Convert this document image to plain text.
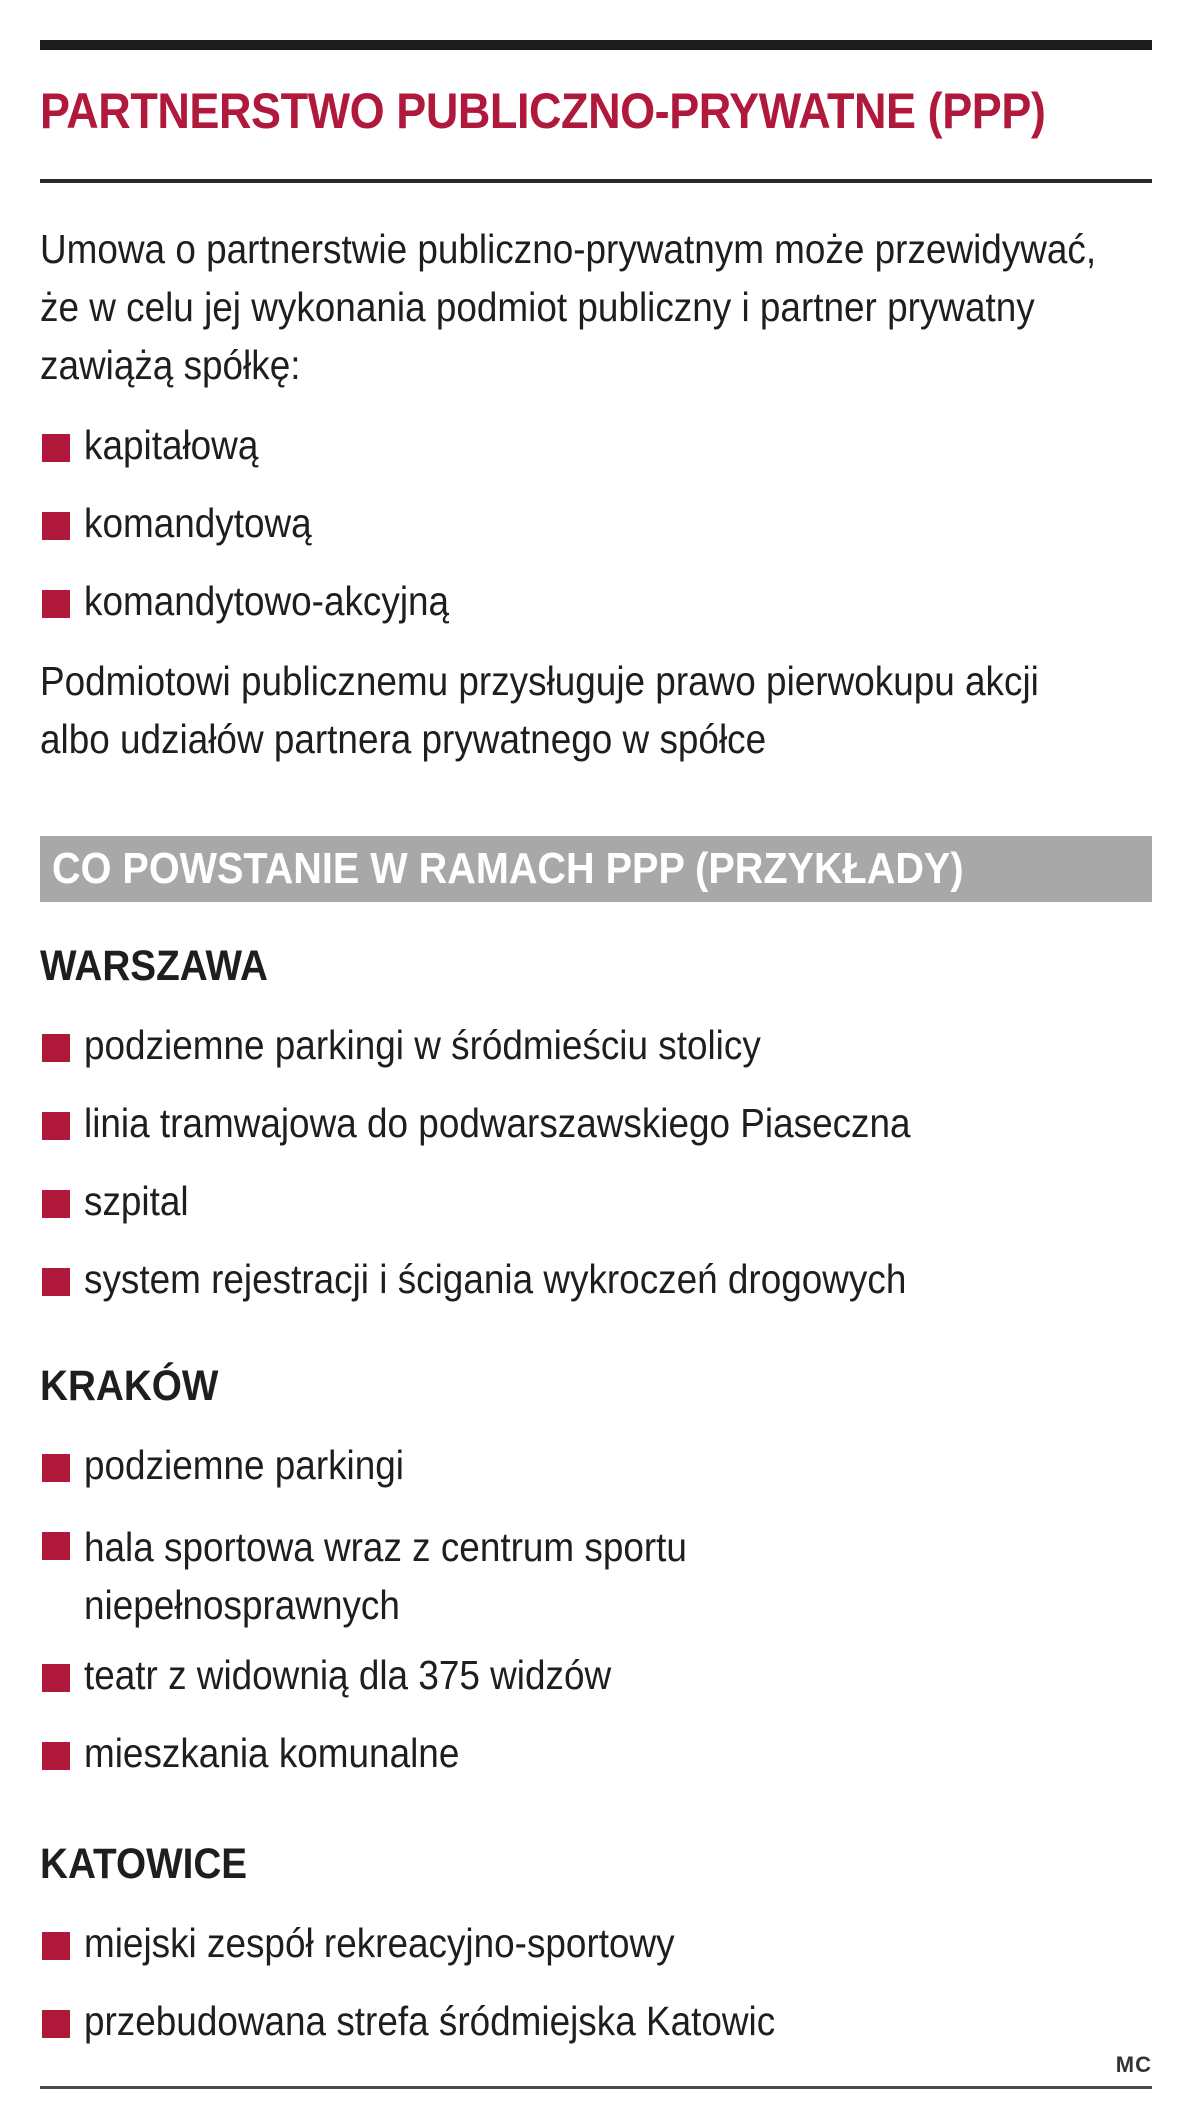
PARTNERSTWO PUBLICZNO-PRYWATNE (PPP)

Umowa o partnerstwie publiczno-prywatnym może przewidywać, że w celu jej wykonania podmiot publiczny i partner prywatny zawiążą spółkę:

kapitałową
komandytową
komandytowo-akcyjną

Podmiotowi publicznemu przysługuje prawo pierwokupu akcji albo udziałów partnera prywatnego w spółce

CO POWSTANIE W RAMACH PPP (PRZYKŁADY)
WARSZAWA
podziemne parkingi w śródmieściu stolicy
linia tramwajowa do podwarszawskiego Piaseczna
szpital
system rejestracji i ścigania wykroczeń drogowych
KRAKÓW
podziemne parkingi
hala sportowa wraz z centrum sportu niepełnosprawnych
teatr z widownią dla 375 widzów
mieszkania komunalne
KATOWICE
miejski zespół rekreacyjno-sportowy
przebudowana strefa śródmiejska Katowic
MC
